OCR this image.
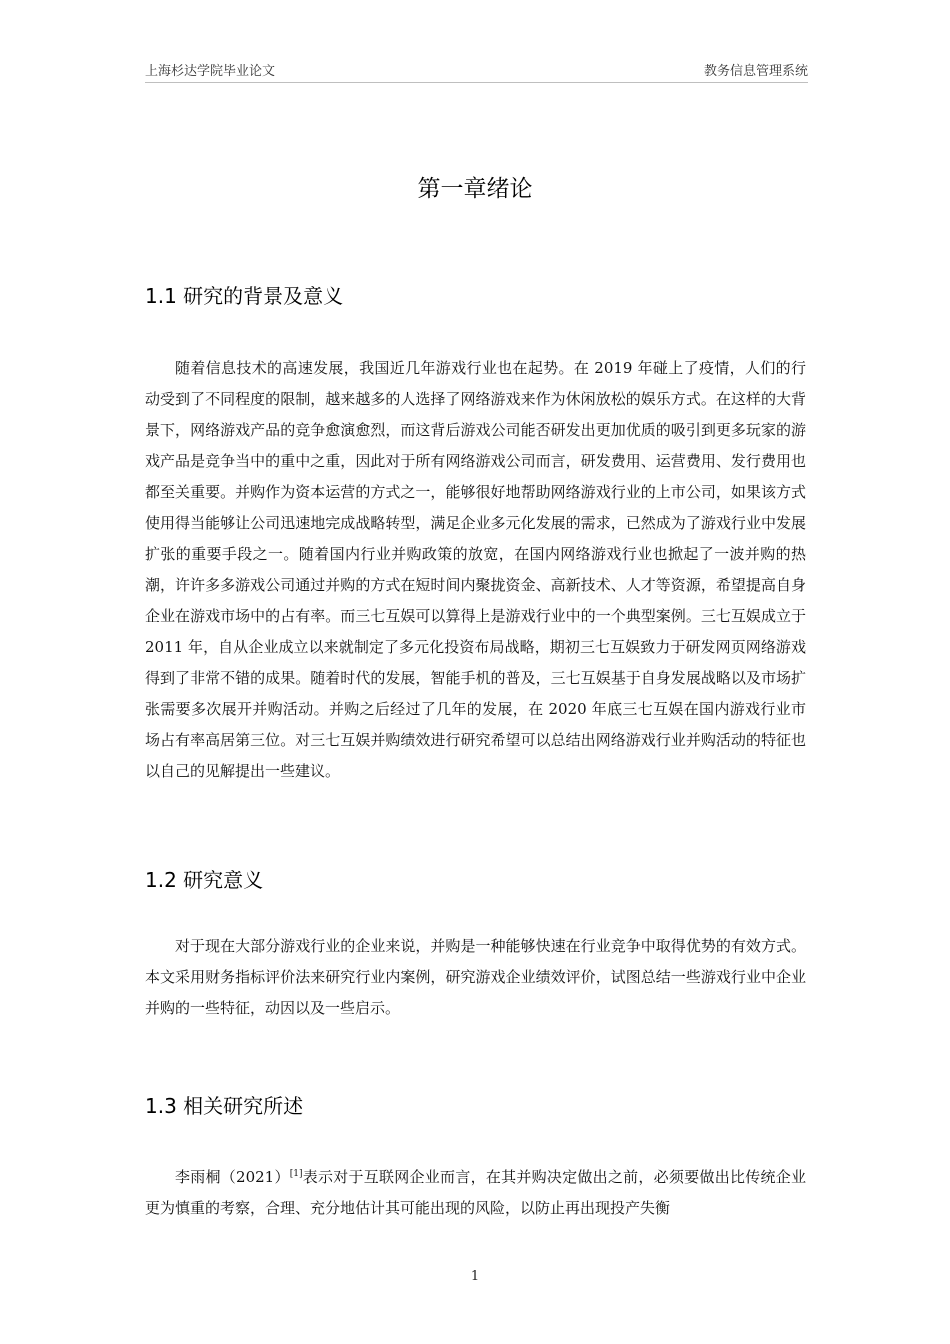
上海杉达学院毕业论文	教务信息管理系统
第一章绪论
1.1 研究的背景及意义

随着信息技术的高速发展，我国近几年游戏行业也在起势。在 2019 年碰上了疫情，人们的行动受到了不同程度的限制，越来越多的人选择了网络游戏来作为休闲放松的娱乐方式。在这样的大背景下，网络游戏产品的竞争愈演愈烈，而这背后游戏公司能否研发出更加优质的吸引到更多玩家的游戏产品是竞争当中的重中之重，因此对于所有网络游戏公司而言，研发费用、运营费用、发行费用也都至关重要。并购作为资本运营的方式之一，能够很好地帮助网络游戏行业的上市公司，如果该方式使用得当能够让公司迅速地完成战略转型，满足企业多元化发展的需求，已然成为了游戏行业中发展扩张的重要手段之一。随着国内行业并购政策的放宽，在国内网络游戏行业也掀起了一波并购的热潮，许许多多游戏公司通过并购的方式在短时间内聚拢资金、高新技术、人才等资源，希望提高自身企业在游戏市场中的占有率。而三七互娱可以算得上是游戏行业中的一个典型案例。三七互娱成立于 2011 年，自从企业成立以来就制定了多元化投资布局战略，期初三七互娱致力于研发网页网络游戏得到了非常不错的成果。随着时代的发展，智能手机的普及，三七互娱基于自身发展战略以及市场扩张需要多次展开并购活动。并购之后经过了几年的发展，在 2020 年底三七互娱在国内游戏行业市场占有率高居第三位。对三七互娱并购绩效进行研究希望可以总结出网络游戏行业并购活动的特征也以自己的见解提出一些建议。

1.2 研究意义

对于现在大部分游戏行业的企业来说，并购是一种能够快速在行业竞争中取得优势的有效方式。本文采用财务指标评价法来研究行业内案例，研究游戏企业绩效评价，试图总结一些游戏行业中企业并购的一些特征，动因以及一些启示。

1.3 相关研究所述

李雨桐（2021）[1]表示对于互联网企业而言，在其并购决定做出之前，必须要做出比传统企业更为慎重的考察，合理、充分地估计其可能出现的风险，以防止再出现投产失衡

1
